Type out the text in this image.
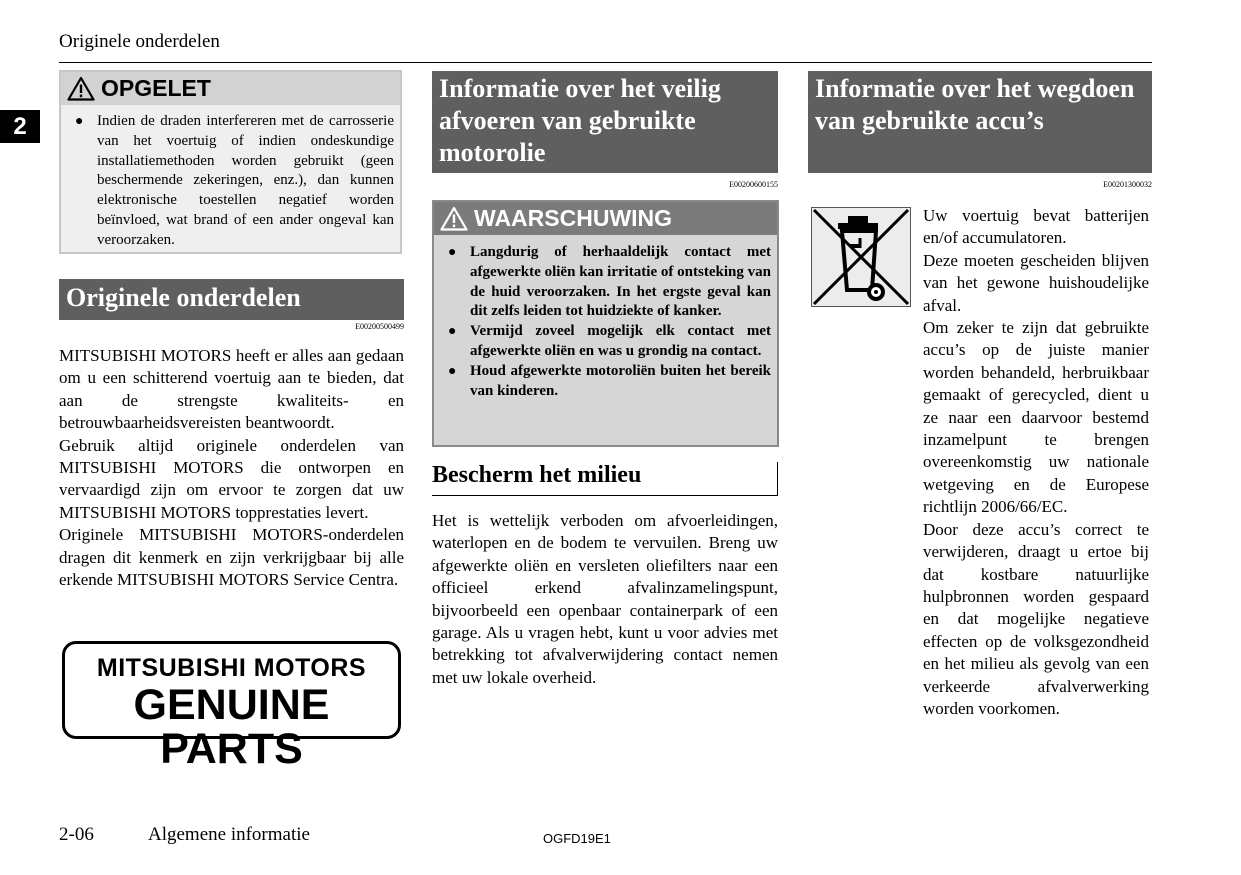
Originele onderdelen
2
OPGELET
● Indien de draden interfereren met de carrosserie van het voertuig of indien ondeskundige installatiemethoden worden gebruikt (geen beschermende zekeringen, enz.), dan kunnen elektronische toestellen negatief worden beïnvloed, wat brand of een ander ongeval kan veroorzaken.
Originele onderdelen
E00200500499

MITSUBISHI MOTORS heeft er alles aan gedaan om u een schitterend voertuig aan te bieden, dat aan de strengste kwaliteits- en betrouwbaarheidsvereisten beantwoordt.

Gebruik altijd originele onderdelen van MITSUBISHI MOTORS die ontworpen en vervaardigd zijn om ervoor te zorgen dat uw MITSUBISHI MOTORS topprestaties levert.

Originele MITSUBISHI MOTORS-onderdelen dragen dit kenmerk en zijn verkrijgbaar bij alle erkende MITSUBISHI MOTORS Service Centra.

MITSUBISHI MOTORS
GENUINE PARTS
Informatie over het veilig afvoeren van gebruikte motorolie
E00200600155
WAARSCHUWING
● Langdurig of herhaaldelijk contact met afgewerkte oliën kan irritatie of ontsteking van de huid veroorzaken. In het ergste geval kan dit zelfs leiden tot huidziekte of kanker.
● Vermijd zoveel mogelijk elk contact met afgewerkte oliën en was u grondig na contact.
● Houd afgewerkte motoroliën buiten het bereik van kinderen.
Bescherm het milieu

Het is wettelijk verboden om afvoerleidingen, waterlopen en de bodem te vervuilen. Breng uw afgewerkte oliën en versleten oliefilters naar een officieel erkend afvalinzamelingspunt, bijvoorbeeld een openbaar containerpark of een garage. Als u vragen hebt, kunt u voor advies met betrekking tot afvalverwijdering contact nemen met uw lokale overheid.

Informatie over het wegdoen van gebruikte accu’s
E00201300032

Uw voertuig bevat batterijen en/of accumulatoren.

Deze moeten gescheiden blijven van het gewone huishoudelijke afval.

Om zeker te zijn dat gebruikte accu’s op de juiste manier worden behandeld, herbruikbaar gemaakt of gerecycled, dient u ze naar een daarvoor bestemd inzamelpunt te brengen overeenkomstig uw nationale wetgeving en de Europese richtlijn 2006/66/EC.

Door deze accu’s correct te verwijderen, draagt u ertoe bij dat kostbare natuurlijke hulpbronnen worden gespaard en dat mogelijke negatieve effecten op de volksgezondheid en het milieu als gevolg van een verkeerde afvalverwerking worden voorkomen.

2-06	Algemene informatie	OGFD19E1
